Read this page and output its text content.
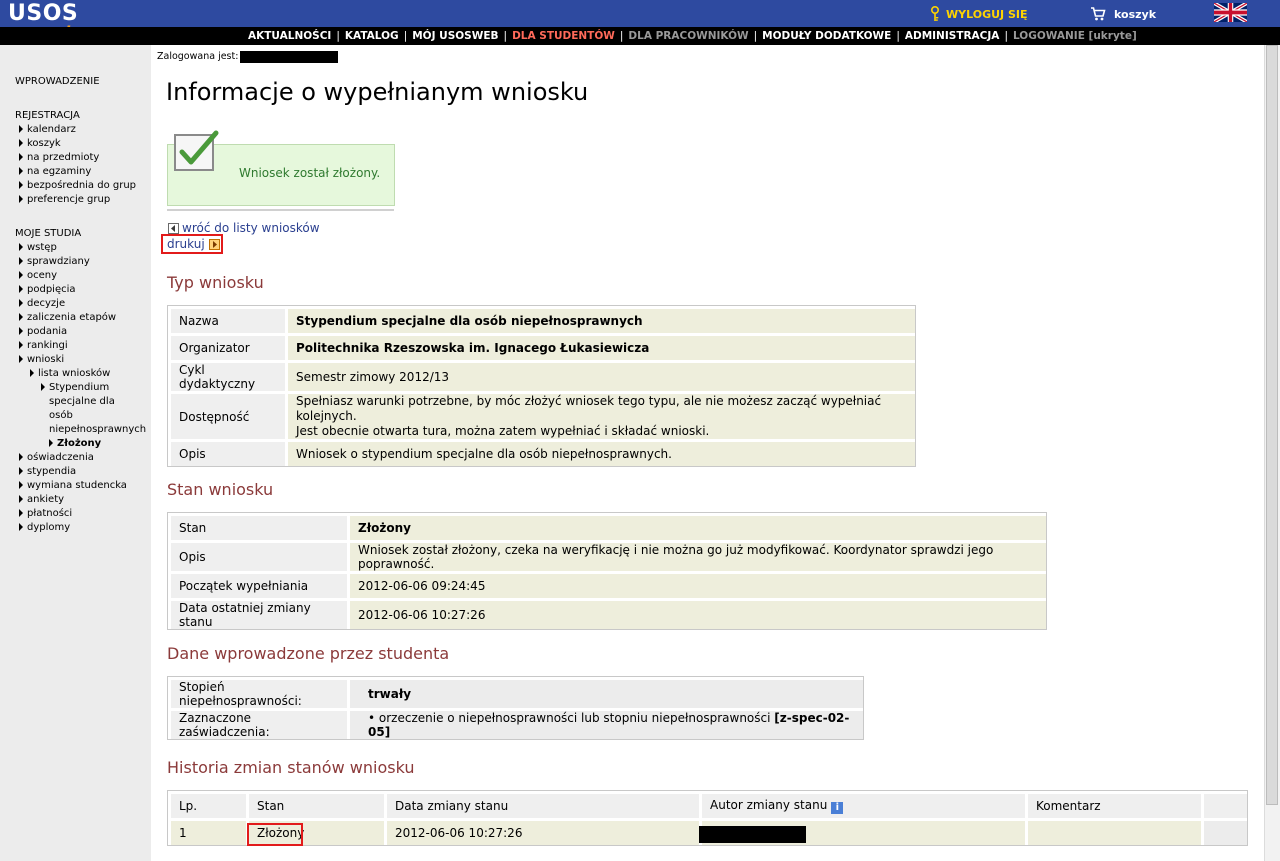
USOS	WYLOGUJ SIĘ	koszyk
AKTUALNOŚCI | KATALOG | MÓJ USOSWEB | DLA STUDENTÓW | DLA PRACOWNIKÓW | MODUŁY DODATKOWE | ADMINISTRACJA | LOGOWANIE [ukryte]
WPROWADZENIE
REJESTRACJA
kalendarz
koszyk
na przedmioty
na egzaminy
bezpośrednia do grup
preferencje grup
MOJE STUDIA
wstęp
sprawdziany
oceny
podpięcia
decyzje
zaliczenia etapów
podania
rankingi
wnioski
lista wniosków
Stypendium
specjalne dla
osób
niepełnosprawnych
Złożony
oświadczenia
stypendia
wymiana studencka
ankiety
płatności
dyplomy
Zalogowana jest:
Informacje o wypełnianym wniosku
Wniosek został złożony.
wróć do listy wniosków
drukuj
Typ wniosku
Nazwa	Stypendium specjalne dla osób niepełnosprawnych
Organizator	Politechnika Rzeszowska im. Ignacego Łukasiewicza
Cykl dydaktyczny	Semestr zimowy 2012/13
Dostępność	Spełniasz warunki potrzebne, by móc złożyć wniosek tego typu, ale nie możesz zacząć wypełniać kolejnych.
Jest obecnie otwarta tura, można zatem wypełniać i składać wnioski.

Opis	Wniosek o stypendium specjalne dla osób niepełnosprawnych.
Stan wniosku
Stan	Złożony
Opis	Wniosek został złożony, czeka na weryfikację i nie można go już modyfikować. Koordynator sprawdzi jego poprawność.
Początek wypełniania	2012-06-06 09:24:45
Data ostatniej zmiany stanu	2012-06-06 10:27:26
Dane wprowadzone przez studenta
Stopień niepełnosprawności:	trwały
Zaznaczone zaświadczenia:	• orzeczenie o niepełnosprawności lub stopniu niepełnosprawności [z-spec-02-05]
Historia zmian stanów wniosku
Lp.	Stan	Data zmiany stanu	Autor zmiany stanu i	Komentarz	
1	Złożony	2012-06-06 10:27:26			
